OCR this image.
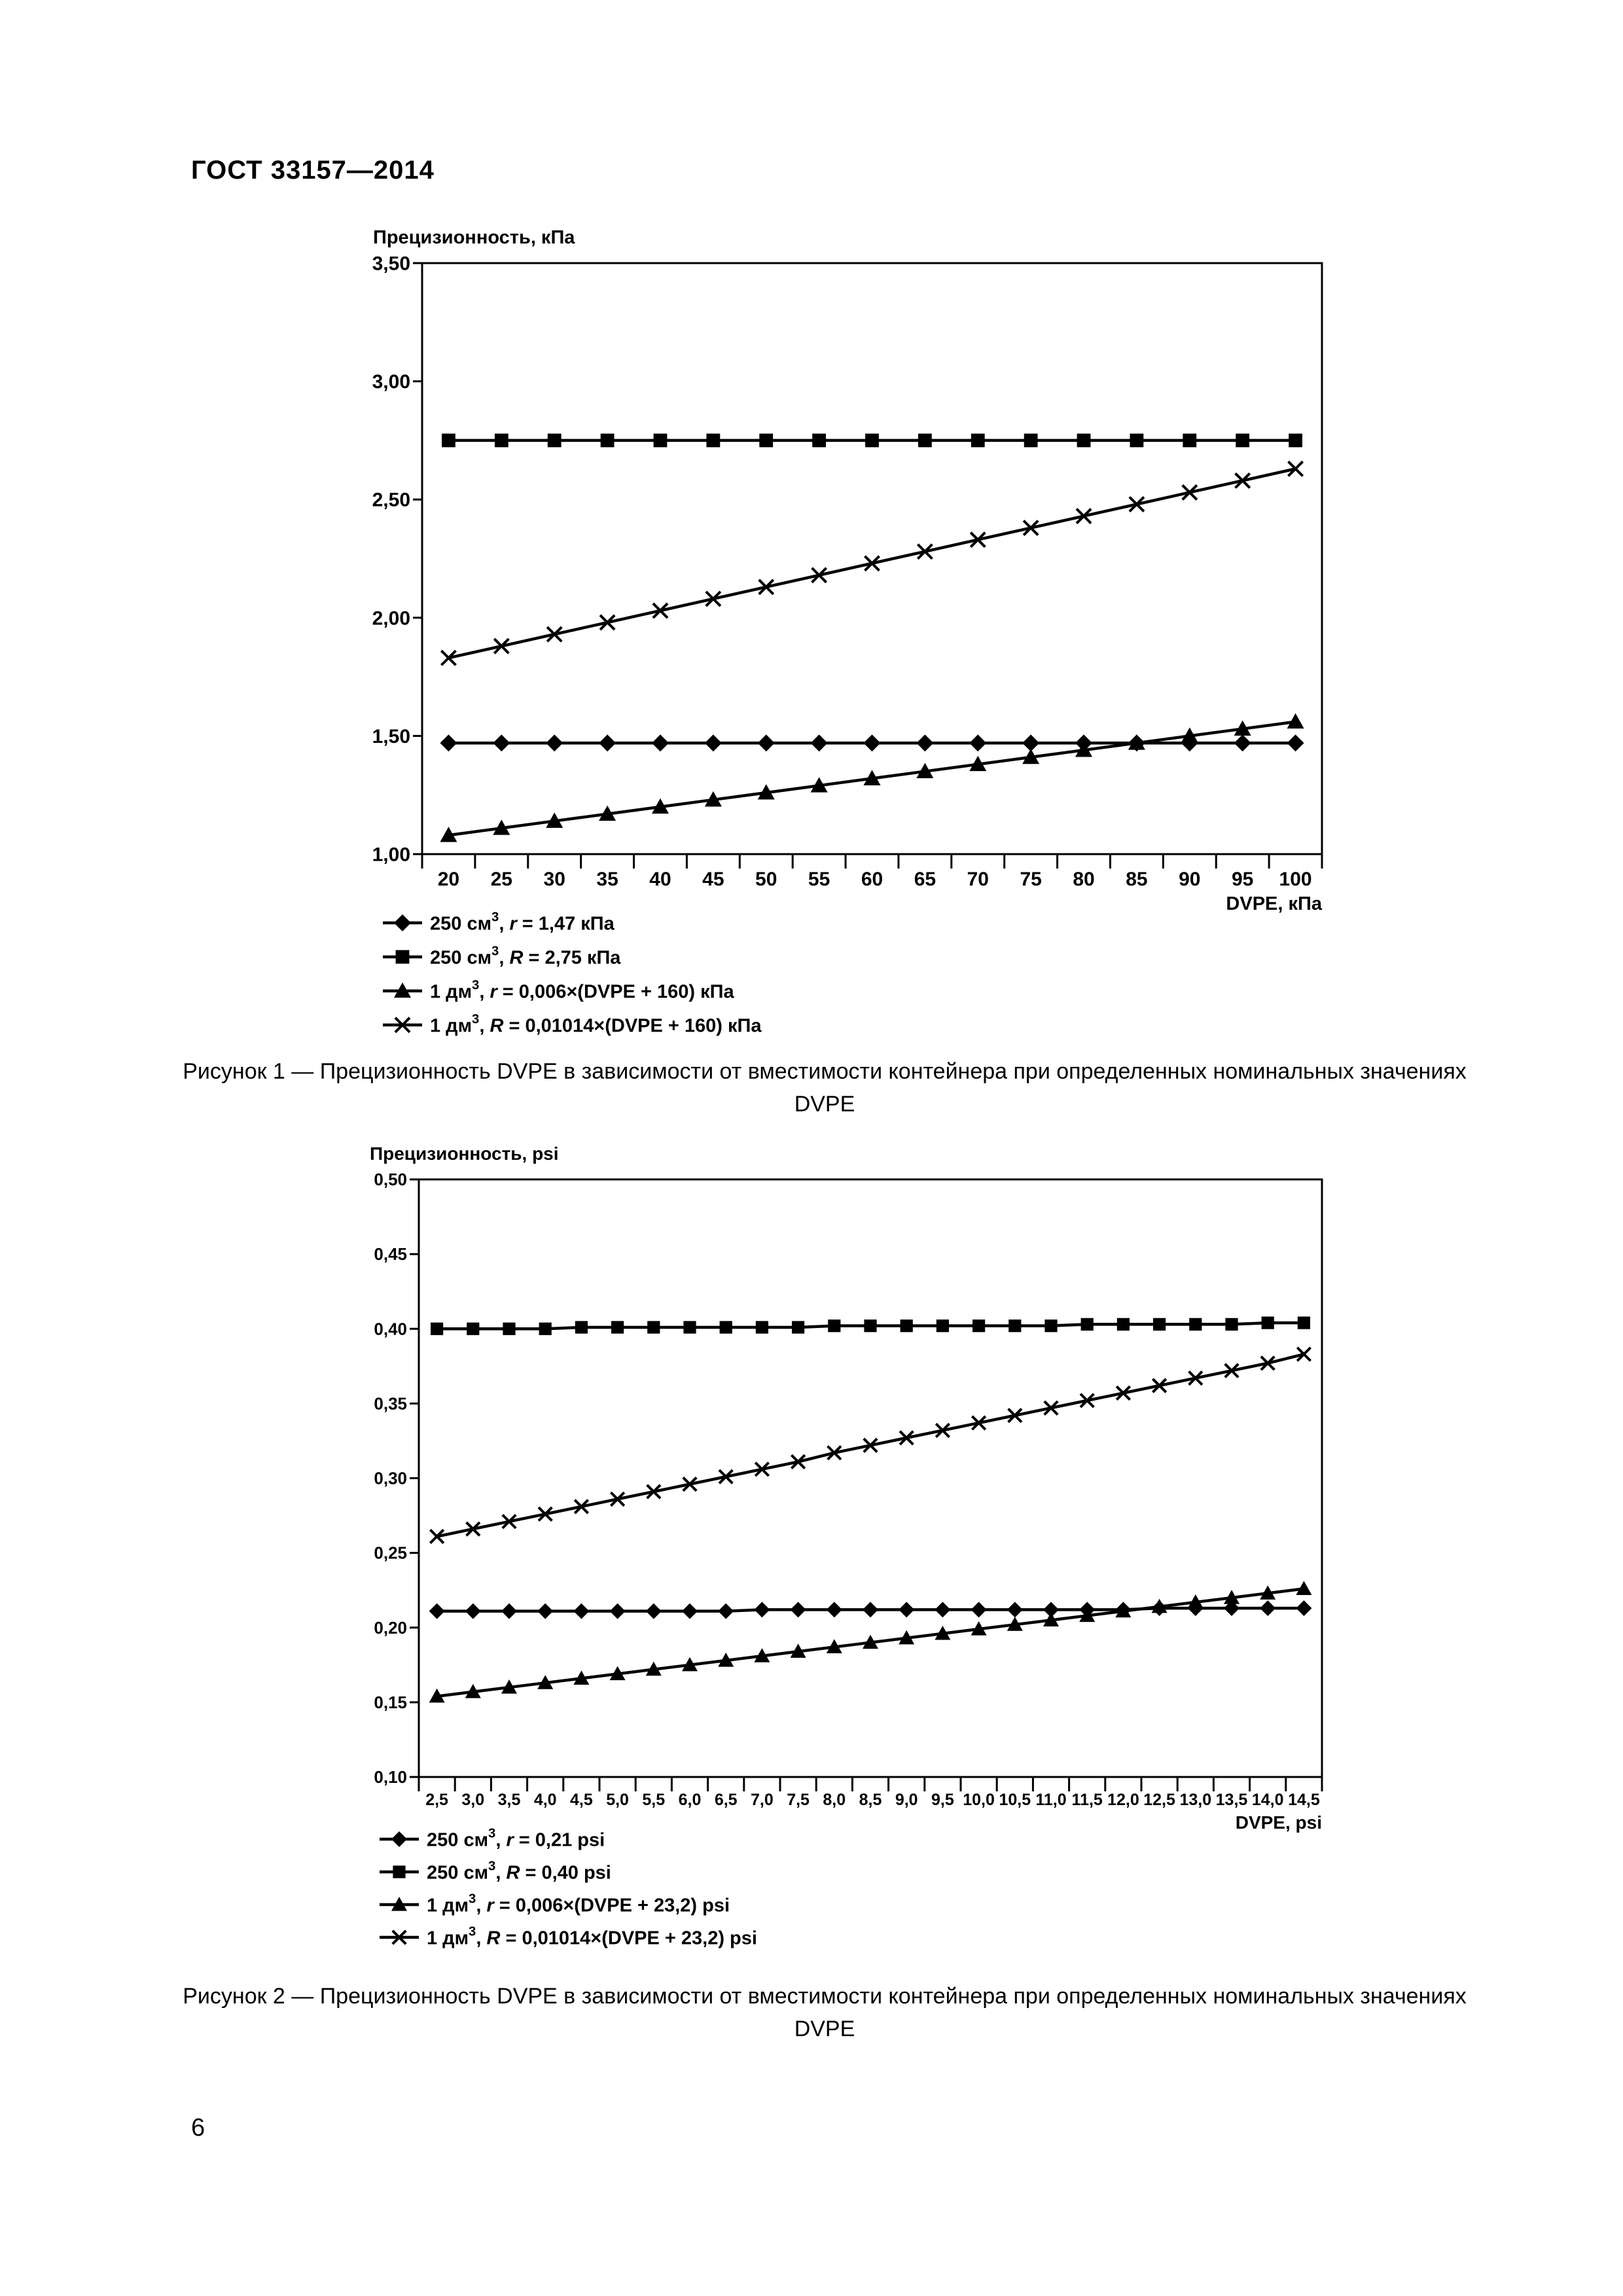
ГОСТ 33157—2014
Прецизионность, кПа
1,00
1,50
2,00
2,50
3,00
3,50
20 25 30 35 40 45 50 55 60 65 70 75 80 85 90 95 100
DVPE, кПа
250 $см^3$, r = 1,47 кПа
250 $см^3$, R = 2,75 кПа
1 $дм^3$, r = 0,006×(DVPE + 160) кПа
1 $дм^3$, R = 0,01014×(DVPE + 160) кПа
Рисунок 1 — Прецизионность DVPE в зависимости от вместимости контейнера при определенных номинальных значениях DVPE
Прецизионность, psi
0,10
0,15
0,20
0,25
0,30
0,35
0,40
0,45
0,50
2,5 3,0 3,5 4,0 4,5 5,0 5,5 6,0 6,5 7,0 7,5 8,0 8,5 9,0 9,5 10,0 10,5 11,0 11,5 12,0 12,5 13,0 13,5 14,0 14,5
DVPE, psi
250 $см^3$, r = 0,21 psi
250 $см^3$, R = 0,40 psi
1 $дм^3$, r = 0,006×(DVPE + 23,2) psi
1 $дм^3$, R = 0,01014×(DVPE + 23,2) psi
Рисунок 2 — Прецизионность DVPE в зависимости от вместимости контейнера при определенных номинальных значениях DVPE
6
